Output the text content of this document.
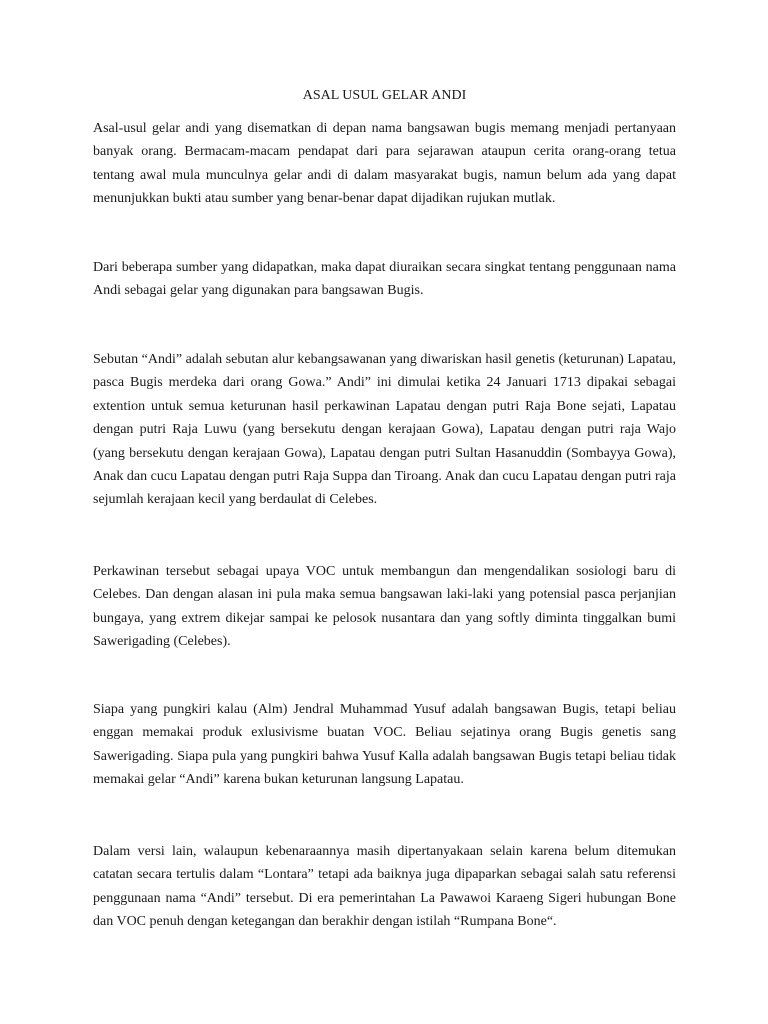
ASAL USUL GELAR ANDI

Asal-usul gelar andi yang disematkan di depan nama bangsawan bugis memang menjadi pertanyaan banyak orang. Bermacam-macam pendapat dari para sejarawan ataupun cerita orang-orang tetua tentang awal mula munculnya gelar andi di dalam masyarakat bugis, namun belum ada yang dapat menunjukkan bukti atau sumber yang benar-benar dapat dijadikan rujukan mutlak.

Dari beberapa sumber yang didapatkan, maka dapat diuraikan secara singkat tentang penggunaan nama Andi sebagai gelar yang digunakan para bangsawan Bugis.

Sebutan “Andi” adalah sebutan alur kebangsawanan yang diwariskan hasil genetis (keturunan) Lapatau, pasca Bugis merdeka dari orang Gowa.” Andi” ini dimulai ketika 24 Januari 1713 dipakai sebagai extention untuk semua keturunan hasil perkawinan Lapatau dengan putri Raja Bone sejati, Lapatau dengan putri Raja Luwu (yang bersekutu dengan kerajaan Gowa), Lapatau dengan putri raja Wajo (yang bersekutu dengan kerajaan Gowa), Lapatau dengan putri Sultan Hasanuddin (Sombayya Gowa), Anak dan cucu Lapatau dengan putri Raja Suppa dan Tiroang. Anak dan cucu Lapatau dengan putri raja sejumlah kerajaan kecil yang berdaulat di Celebes.

Perkawinan tersebut sebagai upaya VOC untuk membangun dan mengendalikan sosiologi baru di Celebes. Dan dengan alasan ini pula maka semua bangsawan laki-laki yang potensial pasca perjanjian bungaya, yang extrem dikejar sampai ke pelosok nusantara dan yang softly diminta tinggalkan bumi Sawerigading (Celebes).

Siapa yang pungkiri kalau (Alm) Jendral Muhammad Yusuf adalah bangsawan Bugis, tetapi beliau enggan memakai produk exlusivisme buatan VOC. Beliau sejatinya orang Bugis genetis sang Sawerigading. Siapa pula yang pungkiri bahwa Yusuf Kalla adalah bangsawan Bugis tetapi beliau tidak memakai gelar “Andi” karena bukan keturunan langsung Lapatau.

Dalam versi lain, walaupun kebenaraannya masih dipertanyakaan selain karena belum ditemukan catatan secara tertulis dalam “Lontara” tetapi ada baiknya juga dipaparkan sebagai salah satu referensi penggunaan nama “Andi” tersebut. Di era pemerintahan La Pawawoi Karaeng Sigeri hubungan Bone dan VOC penuh dengan ketegangan dan berakhir dengan istilah “Rumpana Bone“.
